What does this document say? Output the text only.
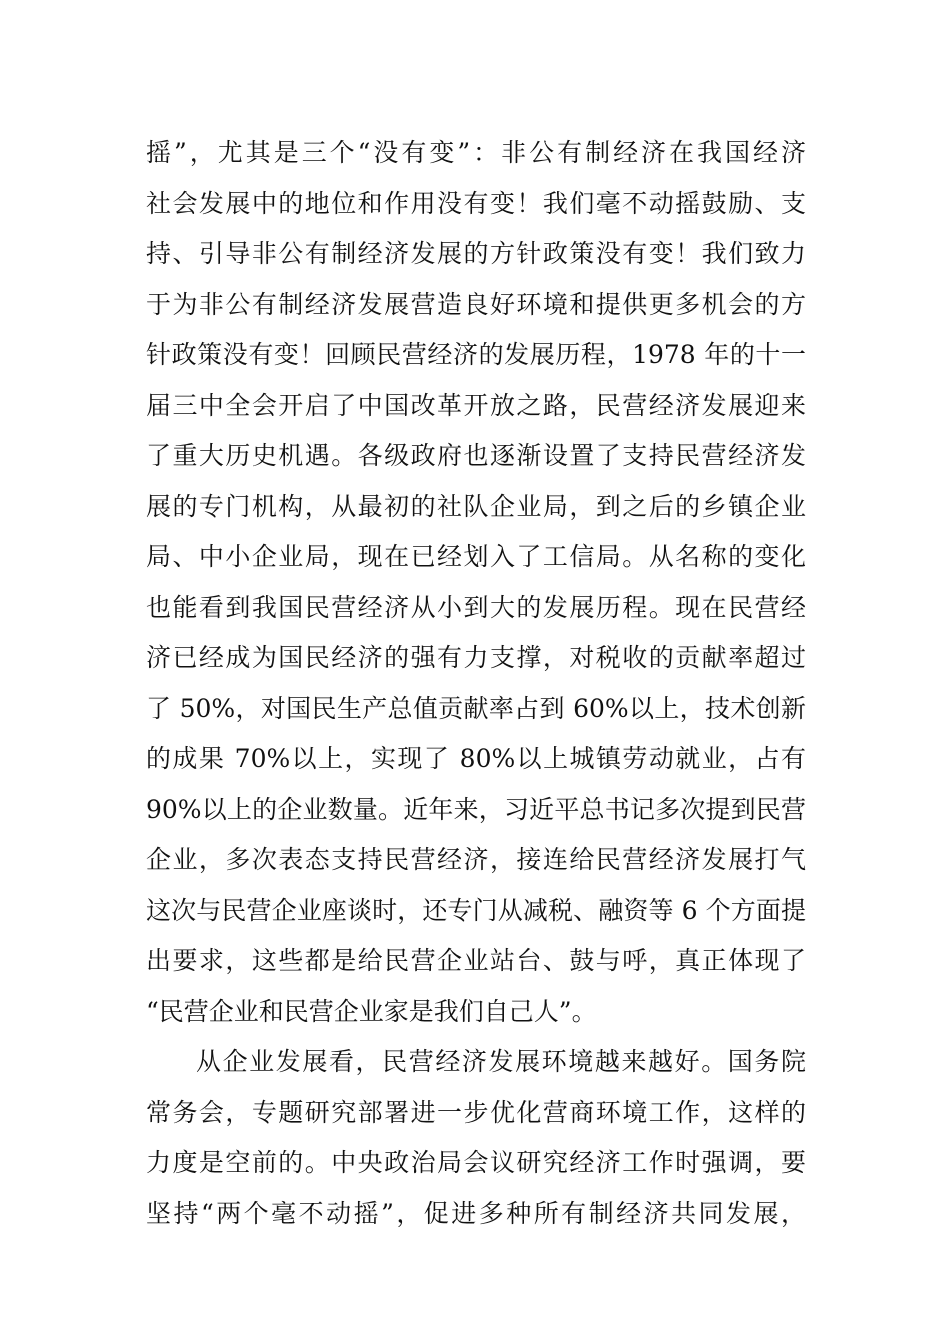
摇”，尤其是三个“没有变”：非公有制经济在我国经济
社会发展中的地位和作用没有变！我们毫不动摇鼓励、支
持、引导非公有制经济发展的方针政策没有变！我们致力
于为非公有制经济发展营造良好环境和提供更多机会的方
针政策没有变！回顾民营经济的发展历程，1978 年的十一
届三中全会开启了中国改革开放之路，民营经济发展迎来
了重大历史机遇。各级政府也逐渐设置了支持民营经济发
展的专门机构，从最初的社队企业局，到之后的乡镇企业
局、中小企业局，现在已经划入了工信局。从名称的变化
也能看到我国民营经济从小到大的发展历程。现在民营经
济已经成为国民经济的强有力支撑，对税收的贡献率超过
了 50%，对国民生产总值贡献率占到 60%以上，技术创新
的成果 70%以上，实现了 80%以上城镇劳动就业，占有
90%以上的企业数量。近年来，习近平总书记多次提到民营
企业，多次表态支持民营经济，接连给民营经济发展打气
这次与民营企业座谈时，还专门从减税、融资等 6 个方面提
出要求，这些都是给民营企业站台、鼓与呼，真正体现了
“民营企业和民营企业家是我们自己人”。
从企业发展看，民营经济发展环境越来越好。国务院
常务会，专题研究部署进一步优化营商环境工作，这样的
力度是空前的。中央政治局会议研究经济工作时强调，要
坚持“两个毫不动摇”，促进多种所有制经济共同发展，
